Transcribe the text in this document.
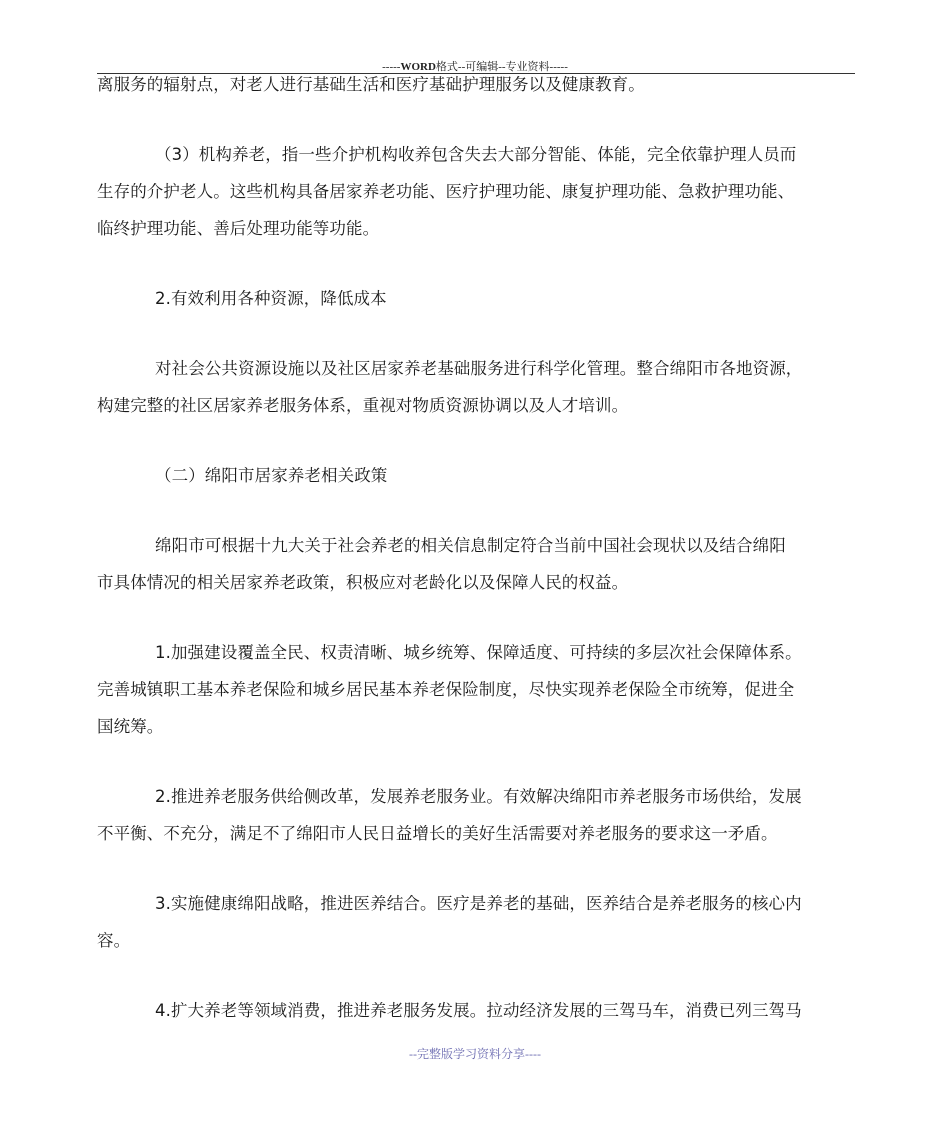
-----WORD格式--可编辑--专业资料-----
离服务的辐射点，对老人进行基础生活和医疗基础护理服务以及健康教育。
（3）机构养老，指一些介护机构收养包含失去大部分智能、体能，完全依靠护理人员而
生存的介护老人。这些机构具备居家养老功能、医疗护理功能、康复护理功能、急救护理功能、
临终护理功能、善后处理功能等功能。
2.有效利用各种资源，降低成本
对社会公共资源设施以及社区居家养老基础服务进行科学化管理。整合绵阳市各地资源，
构建完整的社区居家养老服务体系，重视对物质资源协调以及人才培训。
（二）绵阳市居家养老相关政策
绵阳市可根据十九大关于社会养老的相关信息制定符合当前中国社会现状以及结合绵阳
市具体情况的相关居家养老政策，积极应对老龄化以及保障人民的权益。
1.加强建设覆盖全民、权责清晰、城乡统筹、保障适度、可持续的多层次社会保障体系。
完善城镇职工基本养老保险和城乡居民基本养老保险制度，尽快实现养老保险全市统筹，促进全
国统筹。
2.推进养老服务供给侧改革，发展养老服务业。有效解决绵阳市养老服务市场供给，发展
不平衡、不充分，满足不了绵阳市人民日益增长的美好生活需要对养老服务的要求这一矛盾。
3.实施健康绵阳战略，推进医养结合。医疗是养老的基础，医养结合是养老服务的核心内
容。
4.扩大养老等领域消费，推进养老服务发展。拉动经济发展的三驾马车，消费已列三驾马
--完整版学习资料分享----
